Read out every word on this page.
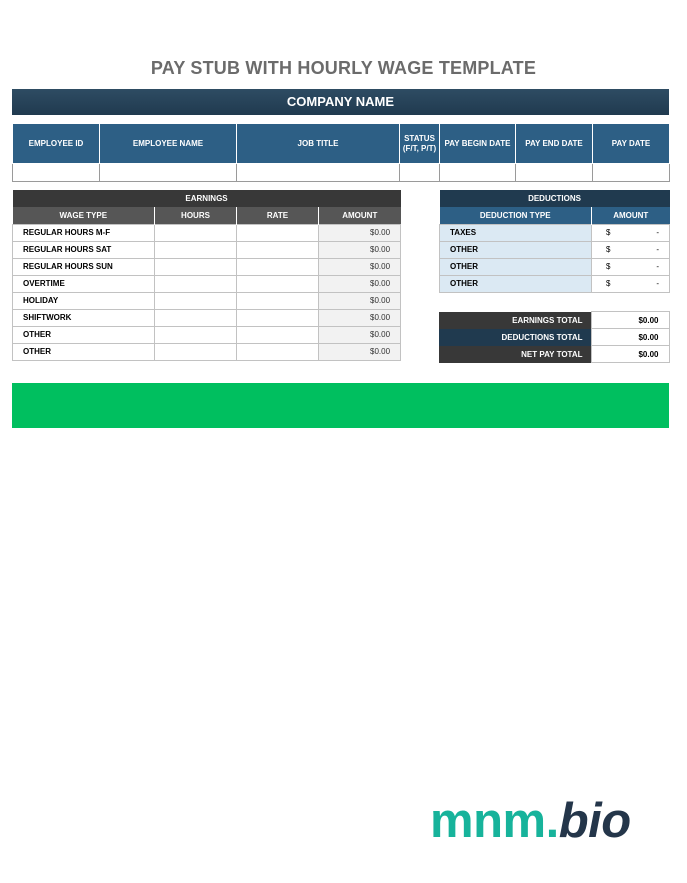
PAY STUB WITH HOURLY WAGE TEMPLATE
COMPANY NAME
EMPLOYEE ID	EMPLOYEE NAME	JOB TITLE	STATUS (F/T, P/T)	PAY BEGIN DATE	PAY END DATE	PAY DATE

EARNINGS			
WAGE TYPE	HOURS	RATE	AMOUNT
REGULAR HOURS M-F			$0.00
REGULAR HOURS SAT			$0.00
REGULAR HOURS SUN			$0.00
OVERTIME			$0.00
HOLIDAY			$0.00
SHIFTWORK			$0.00
OTHER			$0.00
OTHER			$0.00
DEDUCTIONS	
DEDUCTION TYPE	AMOUNT
TAXES	$ -

OTHER	$ -

OTHER	$ -

OTHER	$ -
EARNINGS TOTAL	$0.00
DEDUCTIONS TOTAL	$0.00
NET PAY TOTAL	$0.00
mnm.bio
